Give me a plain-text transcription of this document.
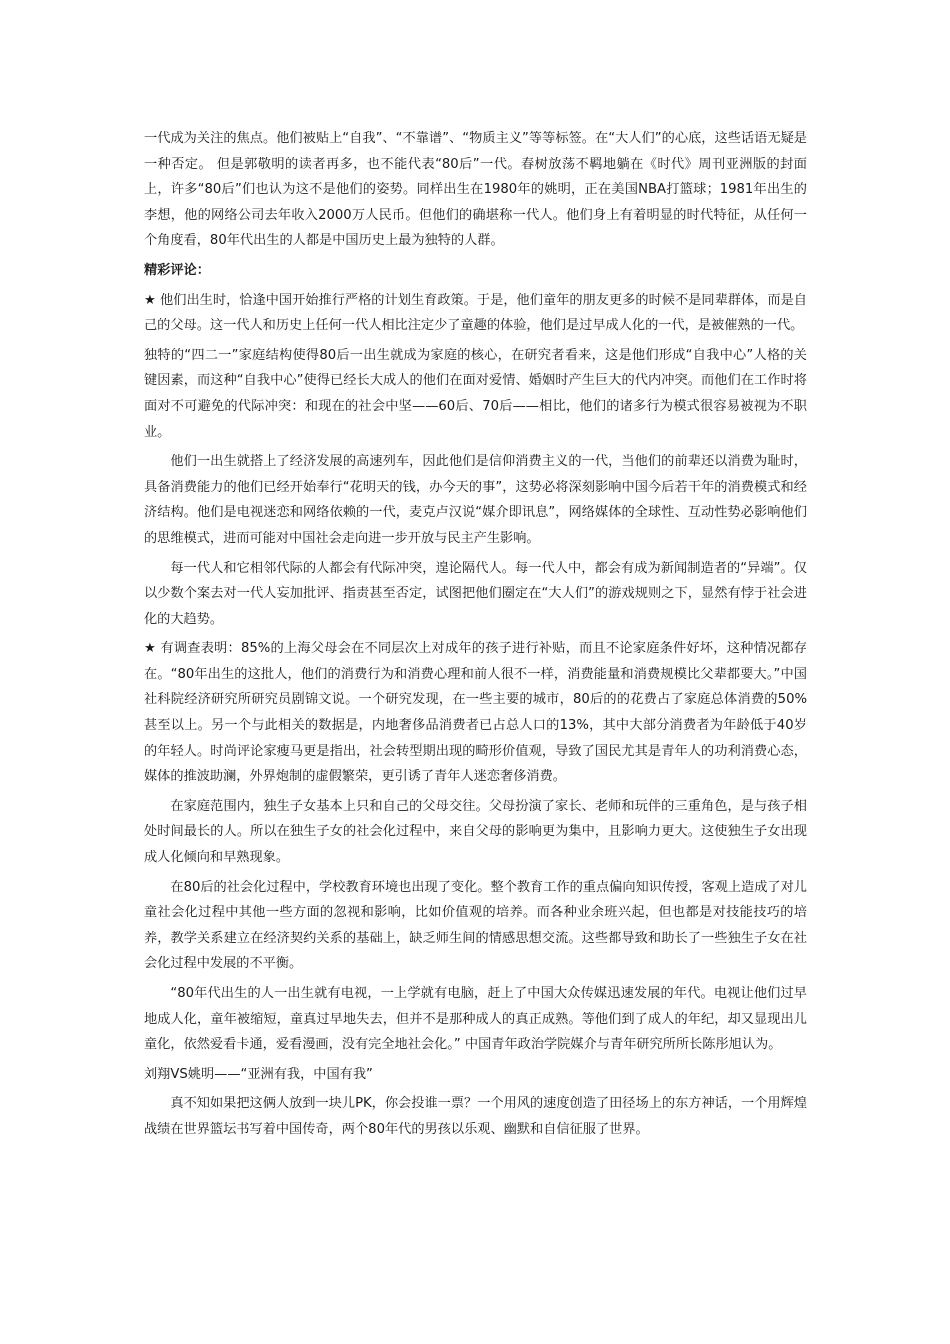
一代成为关注的焦点。他们被贴上“自我”、“不靠谱”、“物质主义”等等标签。在“大人们”的心底，这些话语无疑是一种否定。 但是郭敬明的读者再多，也不能代表“80后”一代。春树放荡不羁地躺在《时代》周刊亚洲版的封面上，许多“80后”们也认为这不是他们的姿势。同样出生在1980年的姚明，正在美国NBA打篮球；1981年出生的李想，他的网络公司去年收入2000万人民币。但他们的确堪称一代人。他们身上有着明显的时代特征，从任何一个角度看，80年代出生的人都是中国历史上最为独特的人群。

精彩评论：

★ 他们出生时，恰逢中国开始推行严格的计划生育政策。于是，他们童年的朋友更多的时候不是同辈群体，而是自己的父母。这一代人和历史上任何一代人相比注定少了童趣的体验，他们是过早成人化的一代，是被催熟的一代。

独特的“四二一”家庭结构使得80后一出生就成为家庭的核心，在研究者看来，这是他们形成“自我中心”人格的关键因素，而这种“自我中心”使得已经长大成人的他们在面对爱情、婚姻时产生巨大的代内冲突。而他们在工作时将面对不可避免的代际冲突：和现在的社会中坚——60后、70后——相比，他们的诸多行为模式很容易被视为不职业。

他们一出生就搭上了经济发展的高速列车，因此他们是信仰消费主义的一代，当他们的前辈还以消费为耻时，具备消费能力的他们已经开始奉行“花明天的钱，办今天的事”，这势必将深刻影响中国今后若干年的消费模式和经济结构。他们是电视迷恋和网络依赖的一代，麦克卢汉说“媒介即讯息”，网络媒体的全球性、互动性势必影响他们的思维模式，进而可能对中国社会走向进一步开放与民主产生影响。

每一代人和它相邻代际的人都会有代际冲突，遑论隔代人。每一代人中，都会有成为新闻制造者的“异端”。仅以少数个案去对一代人妄加批评、指责甚至否定，试图把他们圈定在“大人们”的游戏规则之下，显然有悖于社会进化的大趋势。

★ 有调查表明：85%的上海父母会在不同层次上对成年的孩子进行补贴，而且不论家庭条件好坏，这种情况都存在。“80年出生的这批人，他们的消费行为和消费心理和前人很不一样，消费能量和消费规模比父辈都要大。”中国社科院经济研究所研究员剧锦文说。一个研究发现，在一些主要的城市，80后的的花费占了家庭总体消费的50%甚至以上。另一个与此相关的数据是，内地奢侈品消费者已占总人口的13%，其中大部分消费者为年龄低于40岁的年轻人。时尚评论家瘦马更是指出，社会转型期出现的畸形价值观，导致了国民尤其是青年人的功利消费心态，媒体的推波助澜，外界炮制的虚假繁荣，更引诱了青年人迷恋奢侈消费。

在家庭范围内，独生子女基本上只和自己的父母交往。父母扮演了家长、老师和玩伴的三重角色，是与孩子相处时间最长的人。所以在独生子女的社会化过程中，来自父母的影响更为集中，且影响力更大。这使独生子女出现成人化倾向和早熟现象。

在80后的社会化过程中，学校教育环境也出现了变化。整个教育工作的重点偏向知识传授，客观上造成了对儿童社会化过程中其他一些方面的忽视和影响，比如价值观的培养。而各种业余班兴起，但也都是对技能技巧的培养，教学关系建立在经济契约关系的基础上，缺乏师生间的情感思想交流。这些都导致和助长了一些独生子女在社会化过程中发展的不平衡。

“80年代出生的人一出生就有电视，一上学就有电脑，赶上了中国大众传媒迅速发展的年代。电视让他们过早地成人化，童年被缩短，童真过早地失去，但并不是那种成人的真正成熟。等他们到了成人的年纪，却又显现出儿童化，依然爱看卡通，爱看漫画，没有完全地社会化。” 中国青年政治学院媒介与青年研究所所长陈彤旭认为。

刘翔VS姚明——“亚洲有我，中国有我”

真不知如果把这俩人放到一块儿PK，你会投谁一票？一个用风的速度创造了田径场上的东方神话，一个用辉煌战绩在世界篮坛书写着中国传奇，两个80年代的男孩以乐观、幽默和自信征服了世界。
